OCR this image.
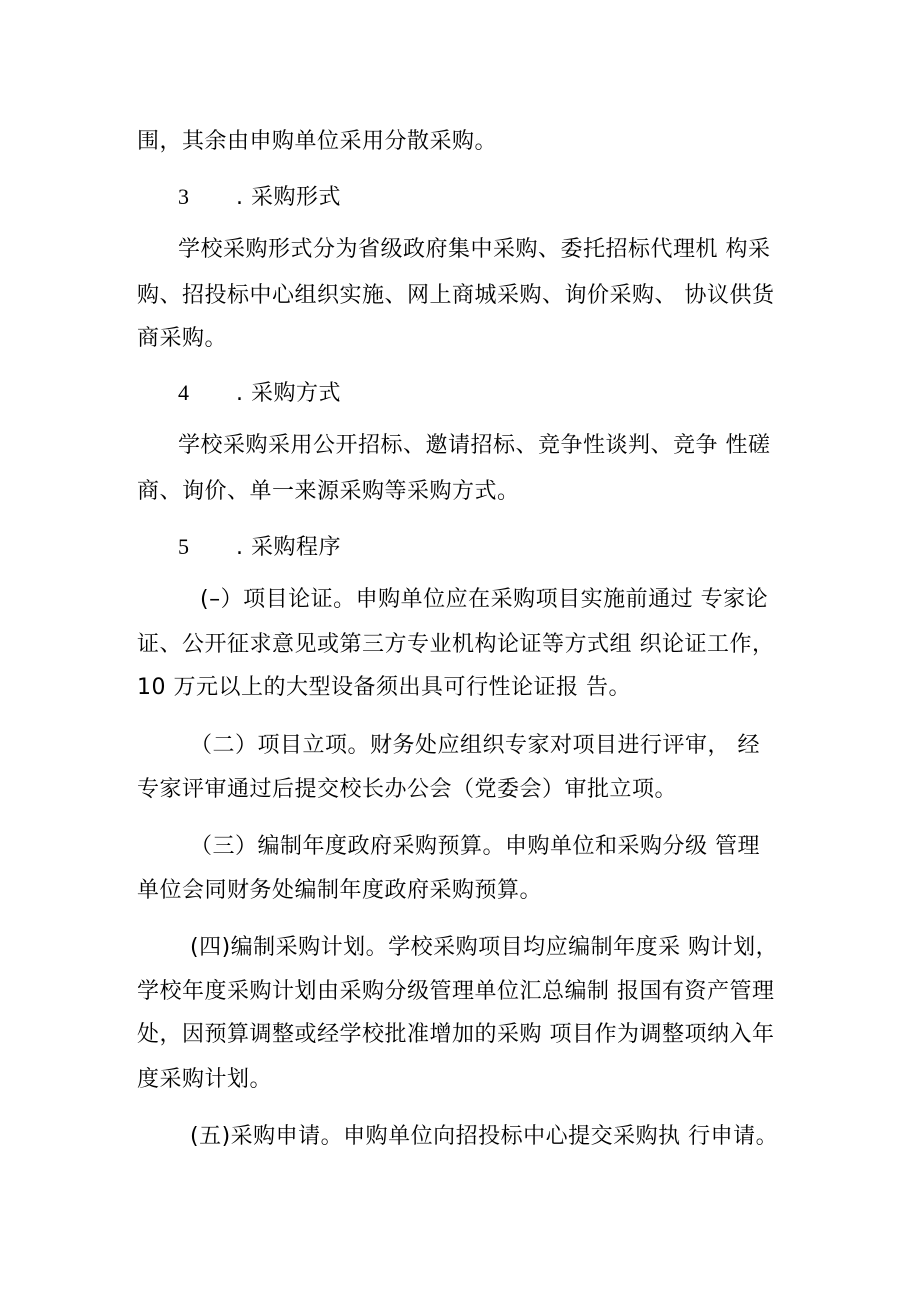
围，其余由申购单位采用分散采购。
3 . 采购形式
学校采购形式分为省级政府集中采购、委托招标代理机 构采
购、招投标中心组织实施、网上商城采购、询价采购、 协议供货
商采购。
4 . 采购方式
学校采购采用公开招标、邀请招标、竞争性谈判、竞争 性磋
商、询价、单一来源采购等采购方式。
5 . 采购程序
(–）项目论证。申购单位应在采购项目实施前通过 专家论
证、公开征求意见或第三方专业机构论证等方式组 织论证工作，
10 万元以上的大型设备须出具可行性论证报 告。
（二）项目立项。财务处应组织专家对项目进行评审， 经
专家评审通过后提交校长办公会（党委会）审批立项。
（三）编制年度政府采购预算。申购单位和采购分级 管理
单位会同财务处编制年度政府采购预算。
(四)编制采购计划。学校采购项目均应编制年度采 购计划，
学校年度采购计划由采购分级管理单位汇总编制 报国有资产管理
处，因预算调整或经学校批准增加的采购 项目作为调整项纳入年
度采购计划。
(五)采购申请。申购单位向招投标中心提交采购执 行申请。
